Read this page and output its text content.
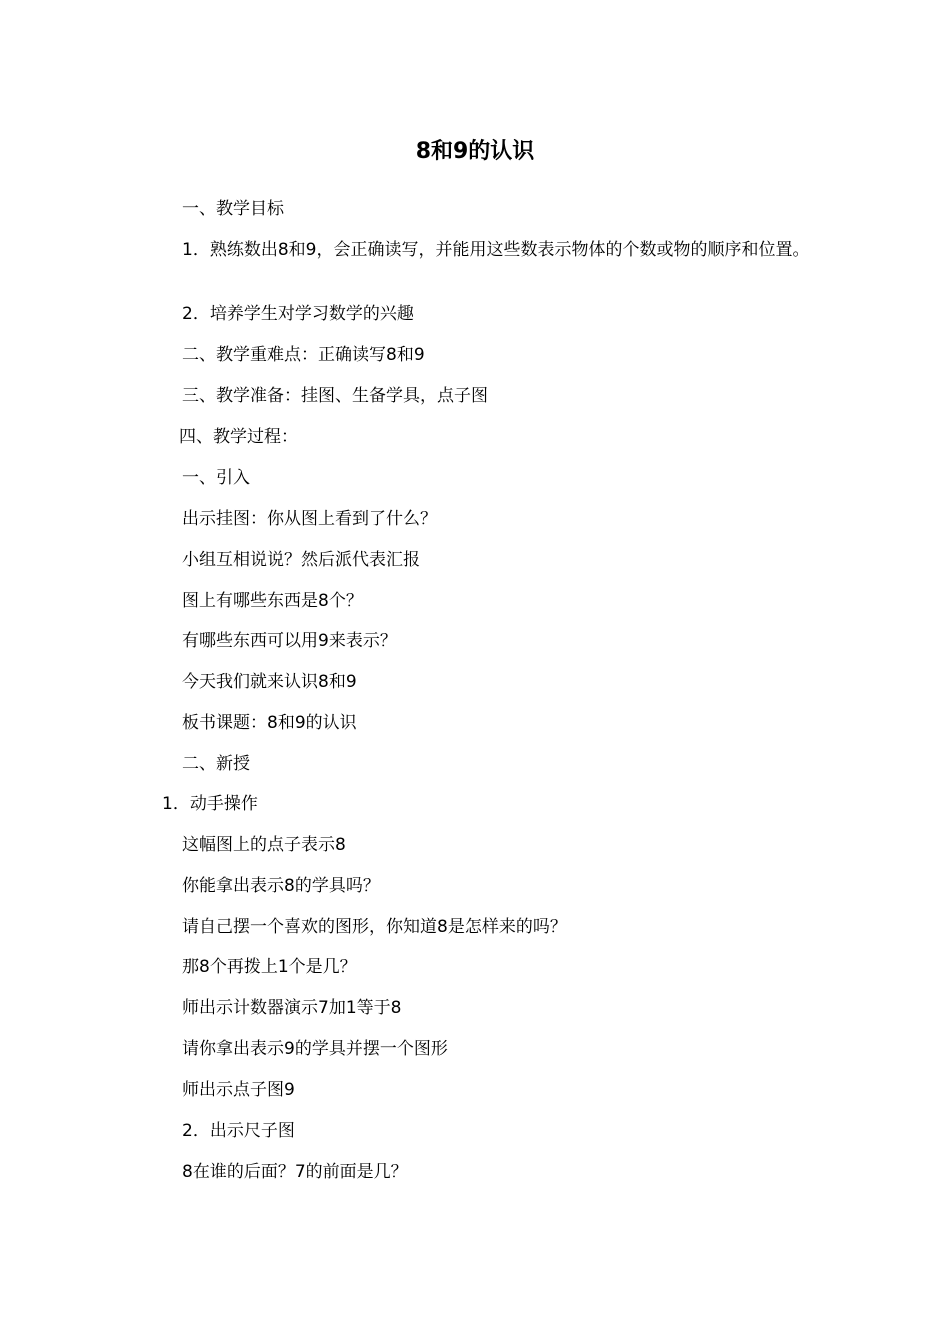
8和9的认识
一、教学目标
1．熟练数出8和9，会正确读写，并能用这些数表示物体的个数或物的顺序和位置。
2．培养学生对学习数学的兴趣
二、教学重难点：正确读写8和9
三、教学准备：挂图、生备学具，点子图
四、教学过程：
一、引入
出示挂图：你从图上看到了什么？
小组互相说说？然后派代表汇报
图上有哪些东西是8个？
有哪些东西可以用9来表示？
今天我们就来认识8和9
板书课题：8和9的认识
二、新授
1．动手操作
这幅图上的点子表示8
你能拿出表示8的学具吗？
请自己摆一个喜欢的图形，你知道8是怎样来的吗？
那8个再拨上1个是几？
师出示计数器演示7加1等于8
请你拿出表示9的学具并摆一个图形
师出示点子图9
2．出示尺子图
8在谁的后面？7的前面是几？
